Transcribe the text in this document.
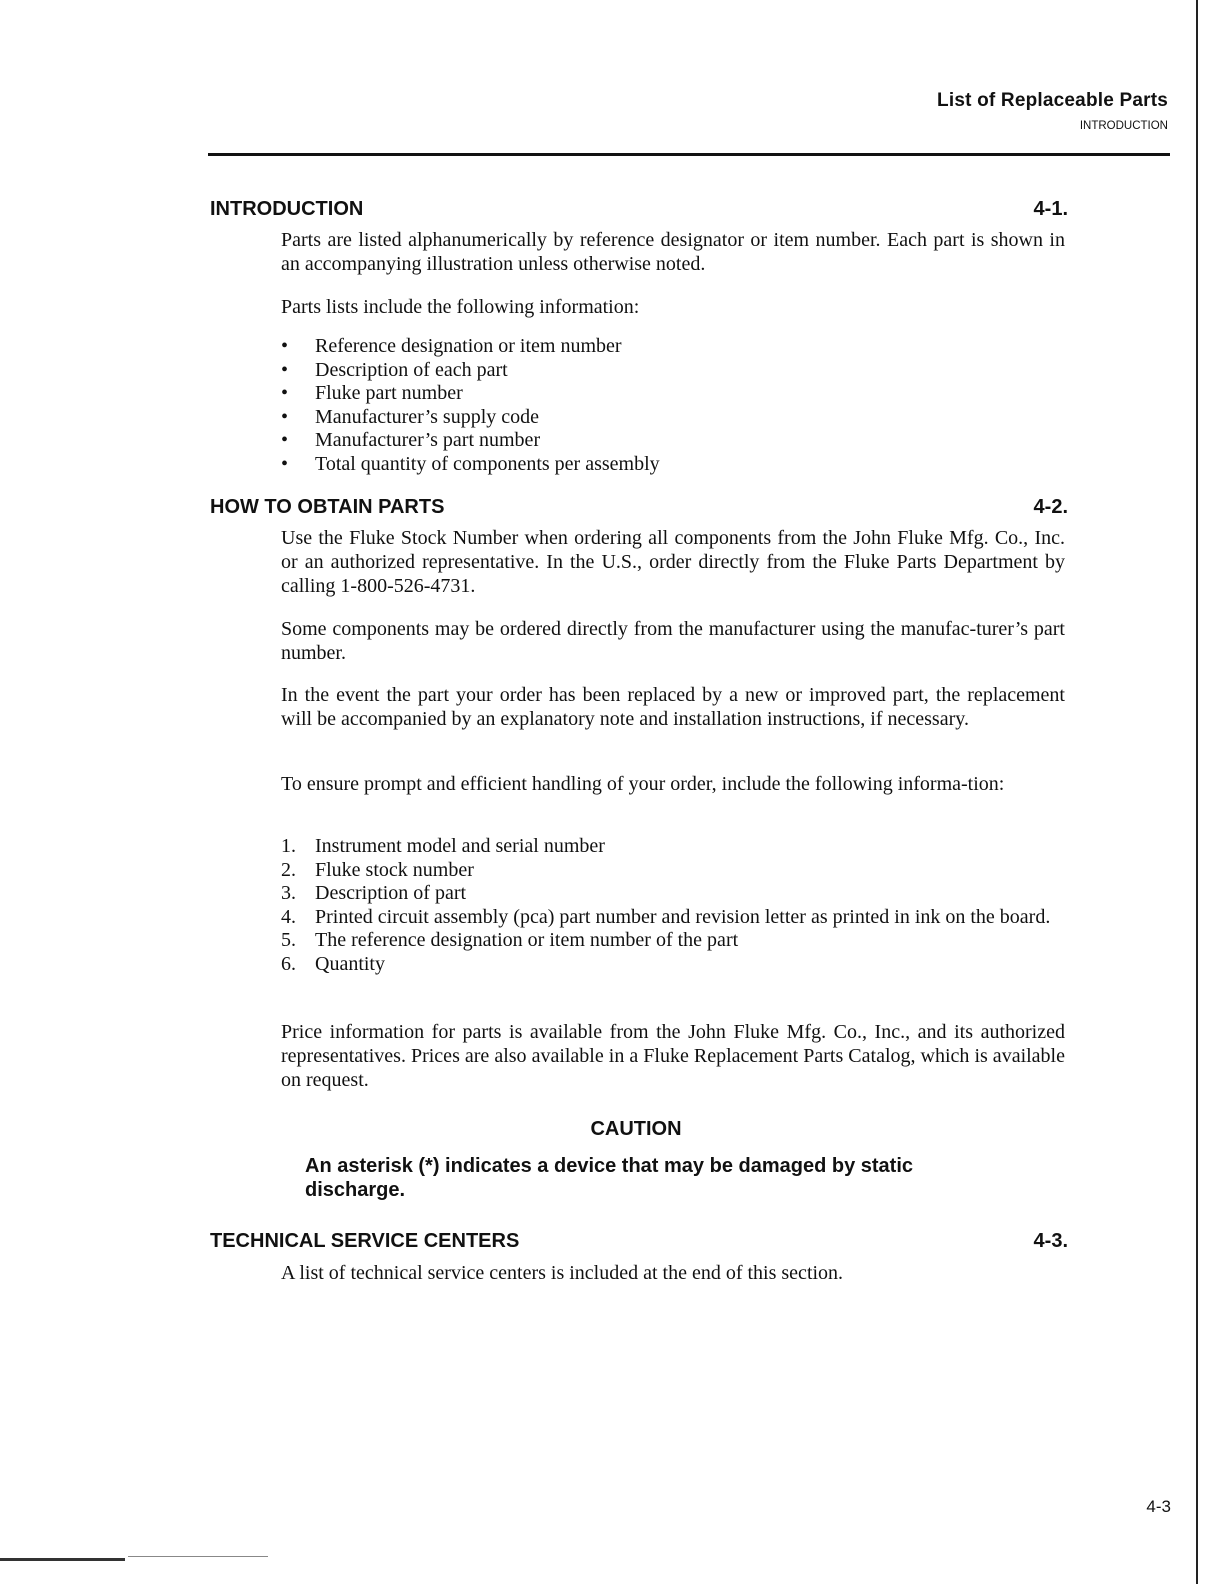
List of Replaceable Parts
INTRODUCTION
INTRODUCTION	4-1.

Parts are listed alphanumerically by reference designator or item number. Each part is shown in an accompanying illustration unless otherwise noted.

Parts lists include the following information:

• Reference designation or item number
• Description of each part
• Fluke part number
• Manufacturer’s supply code
• Manufacturer’s part number
• Total quantity of components per assembly
HOW TO OBTAIN PARTS	4-2.

Use the Fluke Stock Number when ordering all components from the John Fluke Mfg. Co., Inc. or an authorized representative. In the U.S., order directly from the Fluke Parts Department by calling 1-800-526-4731.

Some components may be ordered directly from the manufacturer using the manufac-turer’s part number.

In the event the part your order has been replaced by a new or improved part, the replacement will be accompanied by an explanatory note and installation instructions, if necessary.

To ensure prompt and efficient handling of your order, include the following informa-tion:

1. Instrument model and serial number
2. Fluke stock number
3. Description of part
4. Printed circuit assembly (pca) part number and revision letter as printed in ink on the board.
5. The reference designation or item number of the part
6. Quantity

Price information for parts is available from the John Fluke Mfg. Co., Inc., and its authorized representatives. Prices are also available in a Fluke Replacement Parts Catalog, which is available on request.

CAUTION
An asterisk (*) indicates a device that may be damaged by static discharge.
TECHNICAL SERVICE CENTERS	4-3.

A list of technical service centers is included at the end of this section.

4-3
